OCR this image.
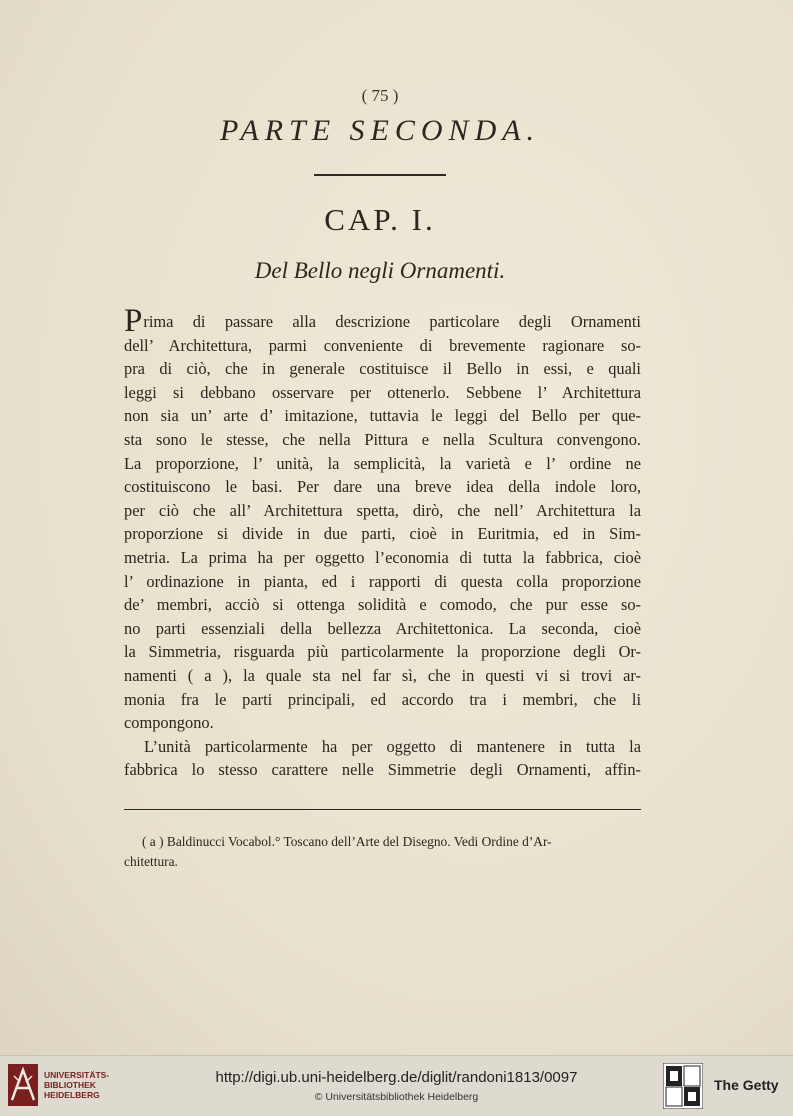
( 75 )
PARTE SECONDA.
CAP. I.
Del Bello negli Ornamenti.
Prima di passare alla descrizione particolare degli Ornamenti
dell’ Architettura, parmi conveniente di brevemente ragionare so-
pra di ciò, che in generale costituisce il Bello in essi, e quali
leggi si debbano osservare per ottenerlo. Sebbene l’ Architettura
non sia un’ arte d’ imitazione, tuttavia le leggi del Bello per que-
sta sono le stesse, che nella Pittura e nella Scultura convengono.
La proporzione, l’ unità, la semplicità, la varietà e l’ ordine ne
costituiscono le basi. Per dare una breve idea della indole loro,
per ciò che all’ Architettura spetta, dirò, che nell’ Architettura la
proporzione si divide in due parti, cioè in Euritmia, ed in Sim-
metria. La prima ha per oggetto l’economia di tutta la fabbrica, cioè
l’ ordinazione in pianta, ed i rapporti di questa colla proporzione
de’ membri, acciò si ottenga solidità e comodo, che pur esse so-
no parti essenziali della bellezza Architettonica. La seconda, cioè
la Simmetria, risguarda più particolarmente la proporzione degli Or-
namenti ( a ), la quale sta nel far sì, che in questi vi si trovi ar-
monia fra le parti principali, ed accordo tra i membri, che li
compongono.
L’unità particolarmente ha per oggetto di mantenere in tutta la
fabbrica lo stesso carattere nelle Simmetrie degli Ornamenti, affin-
( a ) Baldinucci Vocabol.° Toscano dell’Arte del Disegno. Vedi Ordine d’Ar-
chitettura.
UNIVERSITÄTS-
BIBLIOTHEK
HEIDELBERG
http://digi.ub.uni-heidelberg.de/diglit/randoni1813/0097
© Universitätsbibliothek Heidelberg
The Getty
